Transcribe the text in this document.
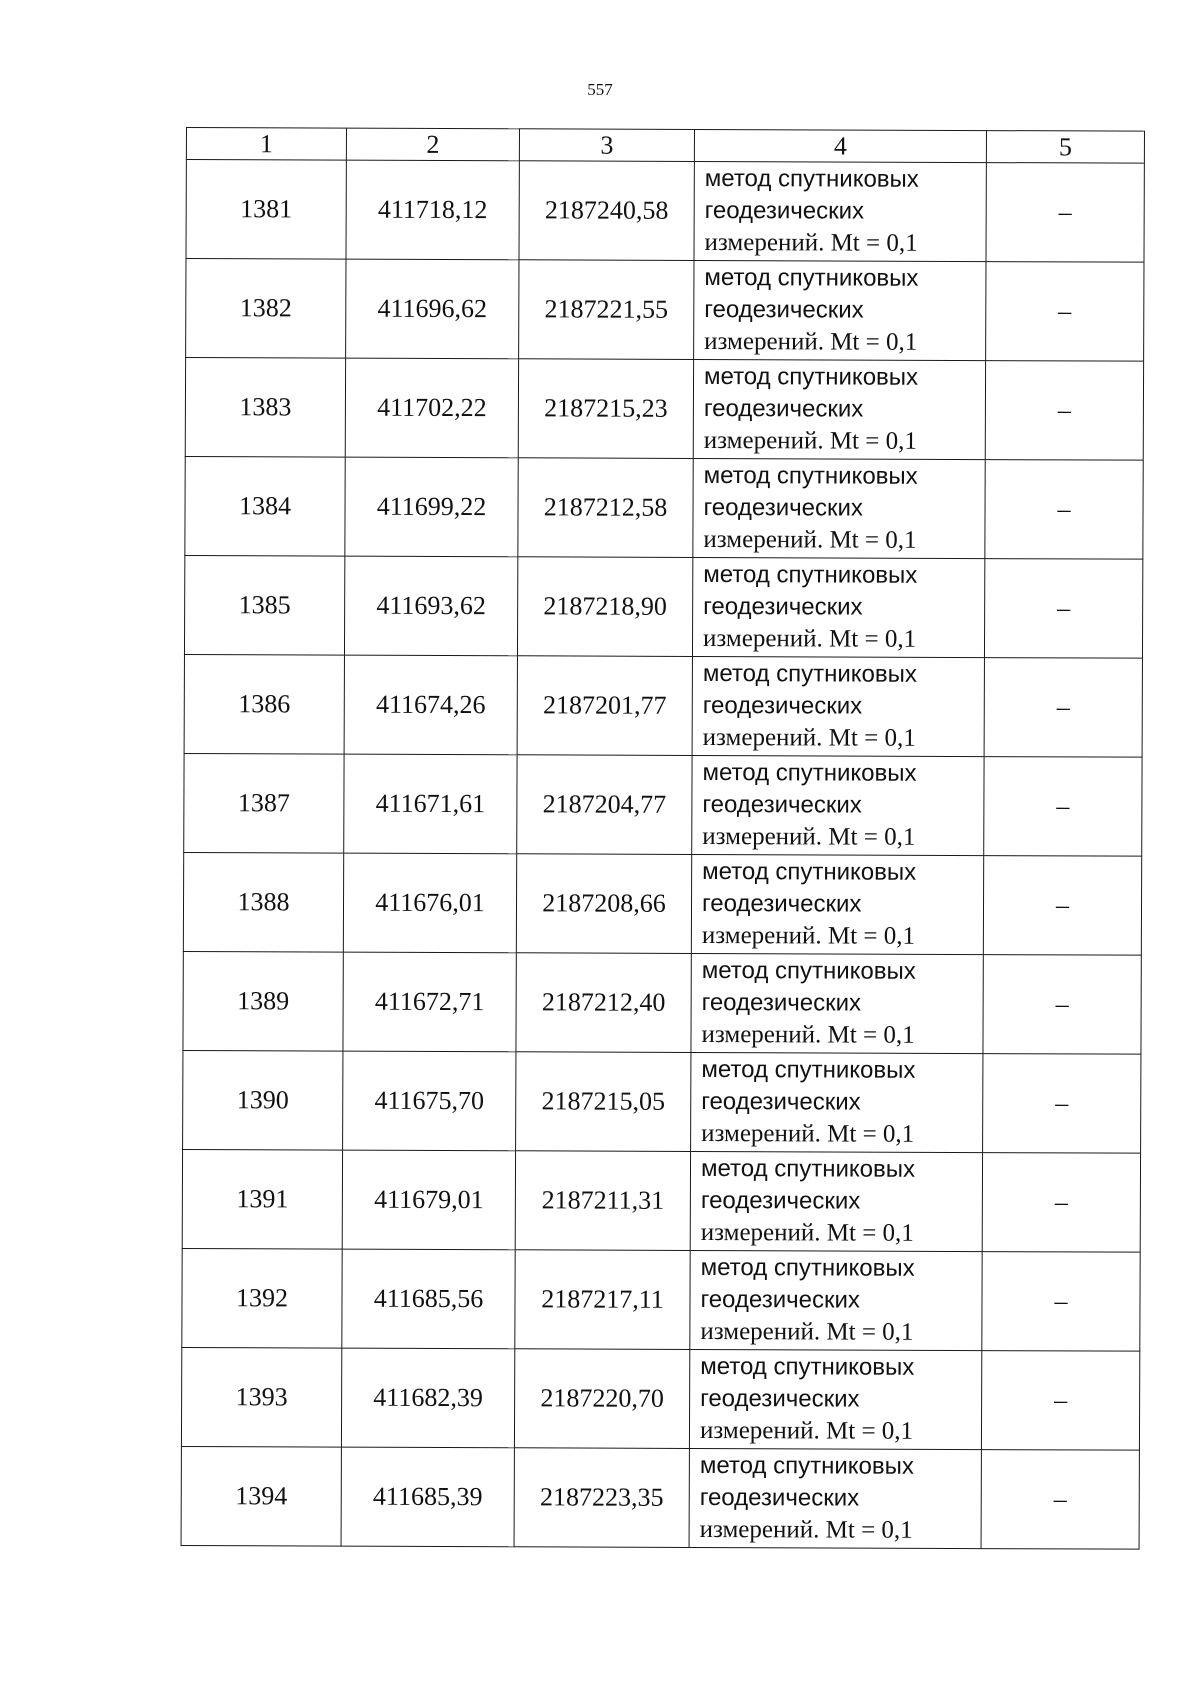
557
1	2	3	4	5
1381	411718,12	2187240,58	метод спутниковых
геодезических
измерений. Mt = 0,1	–
1382	411696,62	2187221,55	метод спутниковых
геодезических
измерений. Mt = 0,1	–
1383	411702,22	2187215,23	метод спутниковых
геодезических
измерений. Mt = 0,1	–
1384	411699,22	2187212,58	метод спутниковых
геодезических
измерений. Mt = 0,1	–
1385	411693,62	2187218,90	метод спутниковых
геодезических
измерений. Mt = 0,1	–
1386	411674,26	2187201,77	метод спутниковых
геодезических
измерений. Mt = 0,1	–
1387	411671,61	2187204,77	метод спутниковых
геодезических
измерений. Mt = 0,1	–
1388	411676,01	2187208,66	метод спутниковых
геодезических
измерений. Mt = 0,1	–
1389	411672,71	2187212,40	метод спутниковых
геодезических
измерений. Mt = 0,1	–
1390	411675,70	2187215,05	метод спутниковых
геодезических
измерений. Mt = 0,1	–
1391	411679,01	2187211,31	метод спутниковых
геодезических
измерений. Mt = 0,1	–
1392	411685,56	2187217,11	метод спутниковых
геодезических
измерений. Mt = 0,1	–
1393	411682,39	2187220,70	метод спутниковых
геодезических
измерений. Mt = 0,1	–
1394	411685,39	2187223,35	метод спутниковых
геодезических
измерений. Mt = 0,1	–
